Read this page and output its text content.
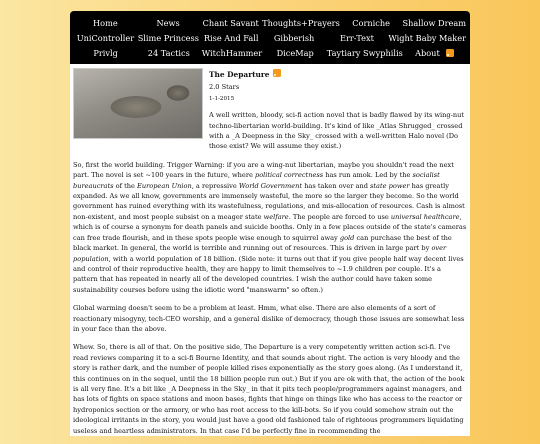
Home	News	Chant Savant Thoughts+Prayers	Corniche	Shallow Dream
UniController Slime Princess Rise And Fall	Gibberish	Err-Text	Wight Baby Maker
Privlg	24 Tactics	WitchHammer	DiceMap	Taytiary Swyphilis	About
The Departure
2.0 Stars
1-1-2015

A well written, bloody, sci-fi action novel that is badly flawed by its wing-nut techno-libertarian world-building. It's kind of like _Atlas Shrugged_ crossed with a _A Deepness in the Sky_ crossed with a well-written Halo novel (Do those exist? We will assume they exist.)

So, first the world building. Trigger Warning: if you are a wing-nut libertarian, maybe you shouldn't read the next part. The novel is set ~100 years in the future, where political correctness has run amok. Led by the socialist bureaucrats of the European Union, a repressive World Government has taken over and state power has greatly expanded. As we all know, governments are immensely wasteful, the more so the larger they become. So the world government has ruined everything with its wastefulness, regulations, and mis-allocation of resources. Cash is almost non-existent, and most people subsist on a meager state welfare. The people are forced to use universal healthcare, which is of course a synonym for death panels and suicide booths. Only in a few places outside of the state's cameras can free trade flourish, and in these spots people wise enough to squirrel away gold can purchase the best of the black market. In general, the world is terrible and running out of resources. This is driven in large part by over population, with a world population of 18 billion. (Side note: it turns out that if you give people half way decent lives and control of their reproductive health, they are happy to limit themselves to ~1.9 children per couple. It's a pattern that has repeated in nearly all of the developed countries. I wish the author could have taken some sustainability courses before using the idiotic word "manswarm" so often.)

Global warming doesn't seem to be a problem at least. Hmm, what else. There are also elements of a sort of reactionary misogyny, tech-CEO worship, and a general dislike of democracy, though those issues are somewhat less in your face than the above.

Whew. So, there is all of that. On the positive side, The Departure is a very competently written action sci-fi. I've read reviews comparing it to a sci-fi Bourne Identity, and that sounds about right. The action is very bloody and the story is rather dark, and the number of people killed rises exponentially as the story goes along. (As I understand it, this continues on in the sequel, until the 18 billion people run out.) But if you are ok with that, the action of the book is all very fine. It's a bit like _A Deepness in the Sky_ in that it pits tech people/programmers against managers, and has lots of fights on space stations and moon bases, fights that hinge on things like who has access to the reactor or hydroponics section or the armory, or who has root access to the kill-bots. So if you could somehow strain out the ideological irritants in the story, you would just have a good old fashioned tale of righteous programmers liquidating useless and heartless administrators. In that case I'd be perfectly fine in recommending the
